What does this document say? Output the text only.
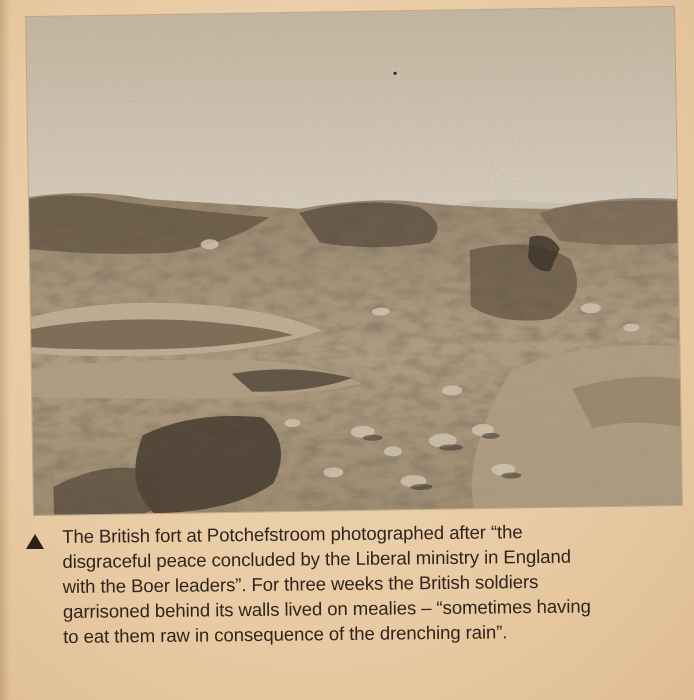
The British fort at Potchefstroom photographed after “the
disgraceful peace concluded by the Liberal ministry in England
with the Boer leaders”. For three weeks the British soldiers
garrisoned behind its walls lived on mealies – “sometimes having
to eat them raw in consequence of the drenching rain”.
